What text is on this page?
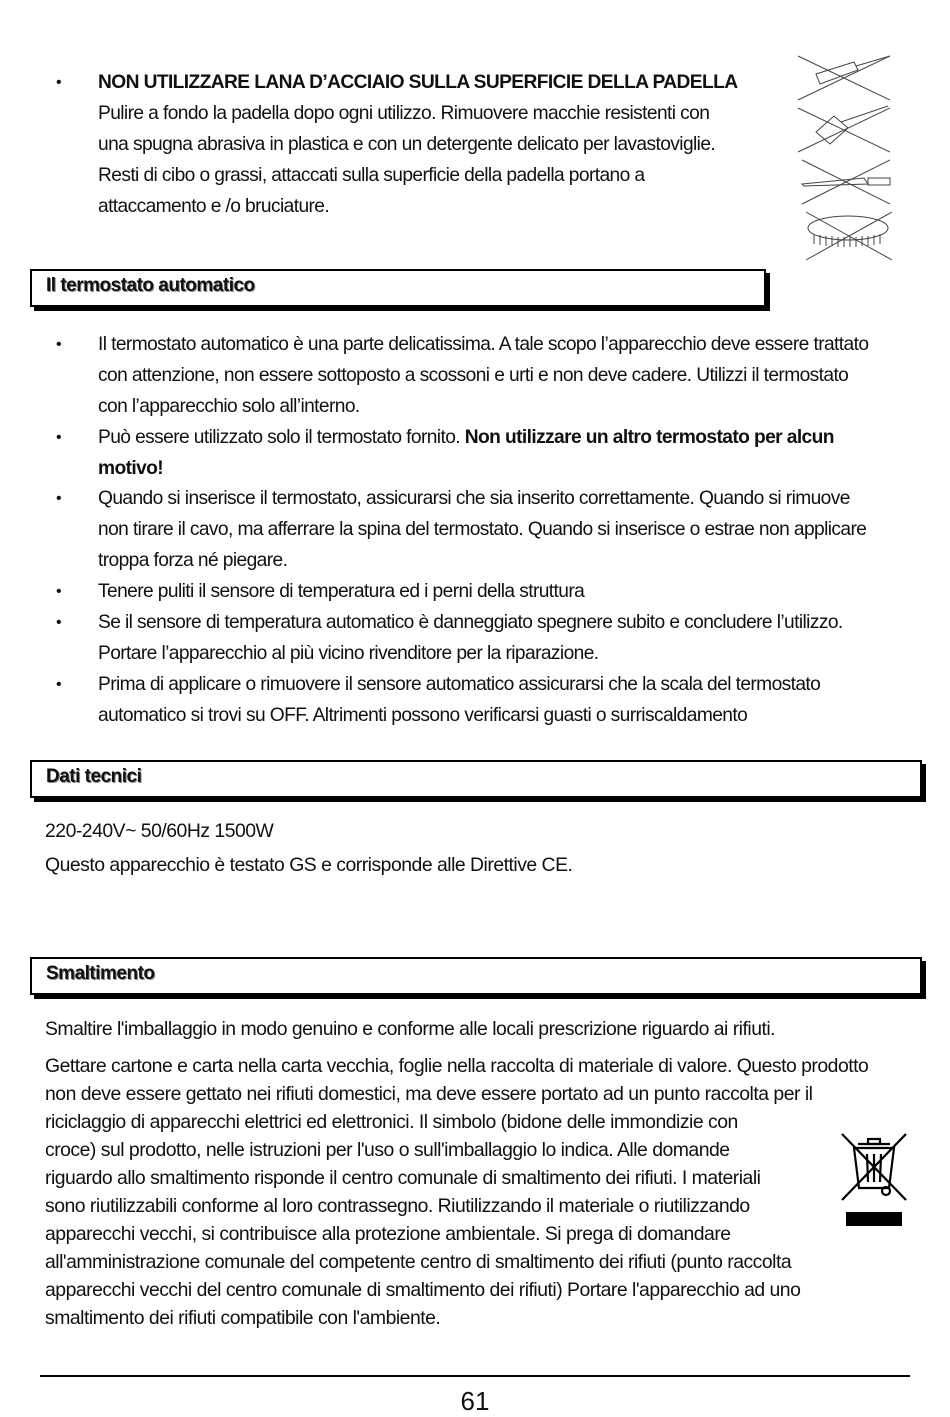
•
NON UTILIZZARE LANA D’ACCIAIO SULLA SUPERFICIE DELLA PADELLA
Pulire a fondo la padella dopo ogni utilizzo. Rimuovere macchie resistenti con
una spugna abrasiva in plastica e con un detergente delicato per lavastoviglie.
Resti di cibo o grassi, attaccati sulla superficie della padella portano a
attaccamento e /o bruciature.
Il termostato automatico
•
Il termostato automatico è una parte delicatissima. A tale scopo l’apparecchio deve essere trattato
con attenzione, non essere sottoposto a scossoni e urti e non deve cadere. Utilizzi il termostato
con l’apparecchio solo all’interno.
•
Può essere utilizzato solo il termostato fornito. Non utilizzare un altro termostato per alcun
motivo!
•
Quando si inserisce il termostato, assicurarsi che sia inserito correttamente. Quando si rimuove
non tirare il cavo, ma afferrare la spina del termostato. Quando si inserisce o estrae non applicare
troppa forza né piegare.
•
Tenere puliti il sensore di temperatura ed i perni della struttura
•
Se il sensore di temperatura automatico è danneggiato spegnere subito e concludere l’utilizzo.
Portare l’apparecchio al più vicino rivenditore per la riparazione.
•
Prima di applicare o rimuovere il sensore automatico assicurarsi che la scala del termostato
automatico si trovi su OFF. Altrimenti possono verificarsi guasti o surriscaldamento
Dati tecnici
220-240V~ 50/60Hz 1500W
Questo apparecchio è testato GS e corrisponde alle Direttive CE.
Smaltimento
Smaltire l'imballaggio in modo genuino e conforme alle locali prescrizione riguardo ai rifiuti.
Gettare cartone e carta nella carta vecchia, foglie nella raccolta di materiale di valore. Questo prodotto
non deve essere gettato nei rifiuti domestici, ma deve essere portato ad un punto raccolta per il
riciclaggio di apparecchi elettrici ed elettronici. Il simbolo (bidone delle immondizie con
croce) sul prodotto, nelle istruzioni per l'uso o sull'imballaggio lo indica. Alle domande
riguardo allo smaltimento risponde il centro comunale di smaltimento dei rifiuti. I materiali
sono riutilizzabili conforme al loro contrassegno. Riutilizzando il materiale o riutilizzando
apparecchi vecchi, si contribuisce alla protezione ambientale. Si prega di domandare
all'amministrazione comunale del competente centro di smaltimento dei rifiuti (punto raccolta
apparecchi vecchi del centro comunale di smaltimento dei rifiuti) Portare l'apparecchio ad uno
smaltimento dei rifiuti compatibile con l'ambiente.
61
